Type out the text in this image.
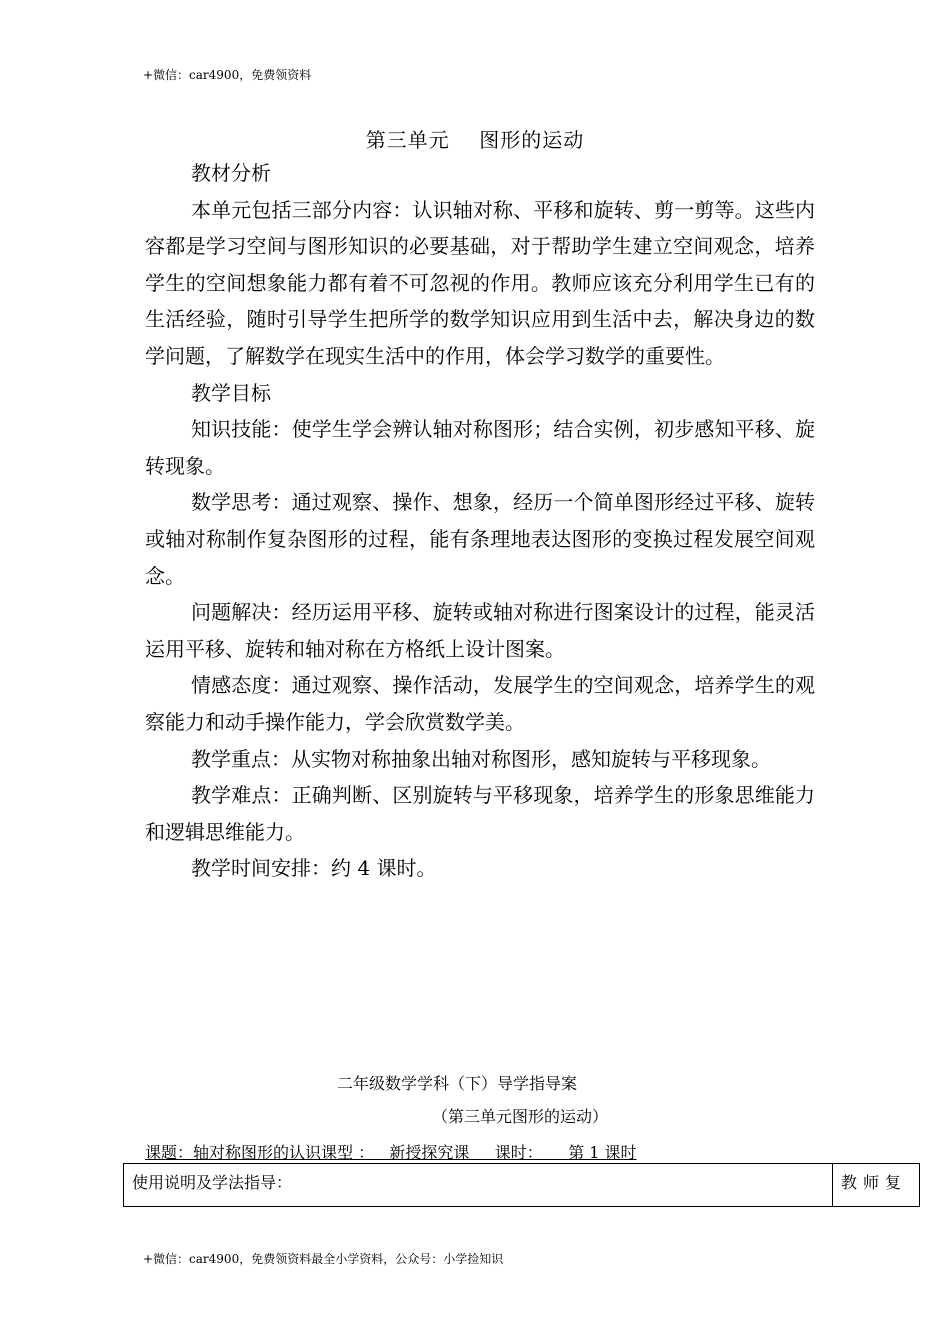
+微信：car4900，免费领资料
第三单元    图形的运动

教材分析

本单元包括三部分内容：认识轴对称、平移和旋转、剪一剪等。这些内容都是学习空间与图形知识的必要基础，对于帮助学生建立空间观念，培养学生的空间想象能力都有着不可忽视的作用。教师应该充分利用学生已有的生活经验，随时引导学生把所学的数学知识应用到生活中去，解决身边的数学问题，了解数学在现实生活中的作用，体会学习数学的重要性。

教学目标

知识技能：使学生学会辨认轴对称图形；结合实例，初步感知平移、旋转现象。

数学思考：通过观察、操作、想象，经历一个简单图形经过平移、旋转或轴对称制作复杂图形的过程，能有条理地表达图形的变换过程发展空间观念。

问题解决：经历运用平移、旋转或轴对称进行图案设计的过程，能灵活运用平移、旋转和轴对称在方格纸上设计图案。

情感态度：通过观察、操作活动，发展学生的空间观念，培养学生的观察能力和动手操作能力，学会欣赏数学美。

教学重点：从实物对称抽象出轴对称图形，感知旋转与平移现象。

教学难点：正确判断、区别旋转与平移现象，培养学生的形象思维能力和逻辑思维能力。

教学时间安排：约 4 课时。

二年级数学学科（下）导学指导案
（第三单元图形的运动）
课题：轴对称图形的认识课型 ：   新授探究课     课时：     第 1 课时
使用说明及学法指导：	教师复
+微信：car4900，免费领资料最全小学资料，公众号：小学捡知识
